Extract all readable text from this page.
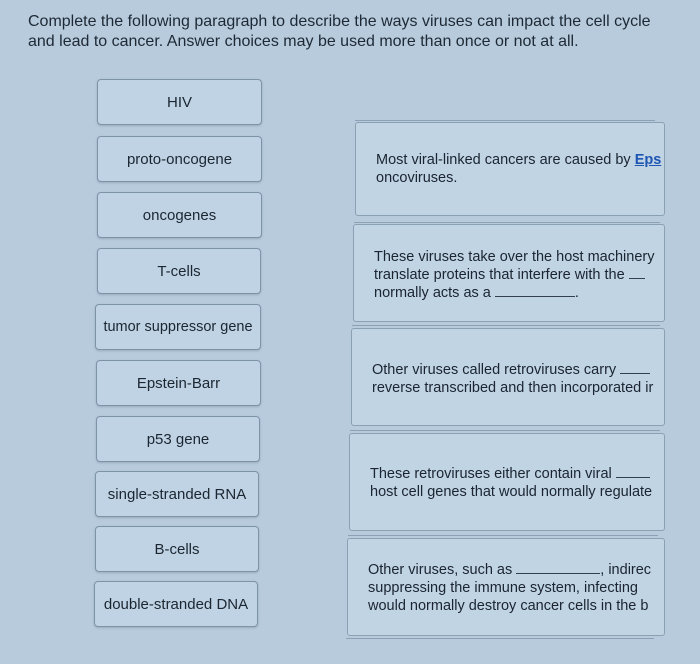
Complete the following paragraph to describe the ways viruses can impact the cell cycle and lead to cancer. Answer choices may be used more than once or not at all.
HIV
proto-oncogene
oncogenes
T-cells
tumor suppressor gene
Epstein-Barr
p53 gene
single-stranded RNA
B-cells
double-stranded DNA
Most viral-linked cancers are caused by Eps
oncoviruses.
These viruses take over the host machinery
translate proteins that interfere with the
normally acts as a	.
Other viruses called retroviruses carry
reverse transcribed and then incorporated ir
These retroviruses either contain viral
host cell genes that would normally regulate
Other viruses, such as	, indirec
suppressing the immune system, infecting
would normally destroy cancer cells in the b
